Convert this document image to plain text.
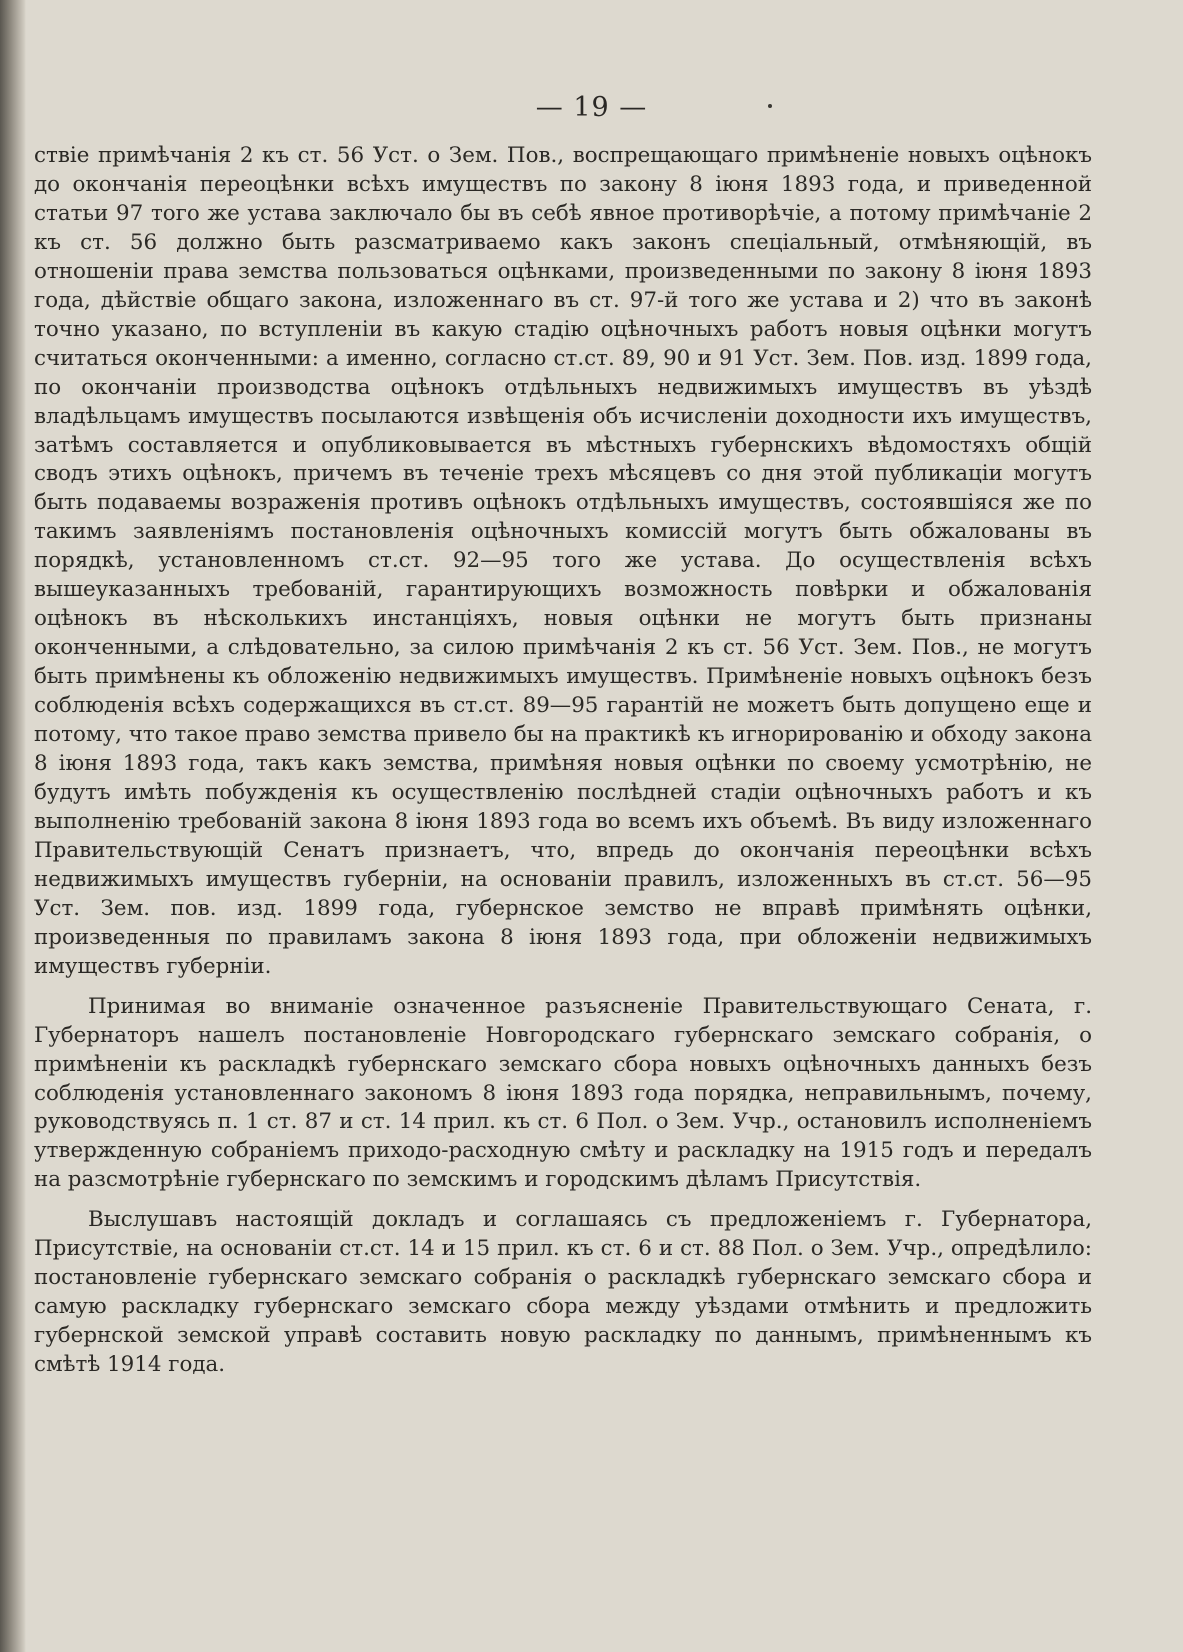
— 19 —

ствіе примѣчанія 2 къ ст. 56 Уст. о Зем. Пов., воспрещающаго примѣненіе новыхъ оцѣнокъ до окончанія переоцѣнки всѣхъ имуществъ по закону 8 іюня 1893 года, и приведенной статьи 97 того же устава заключало бы въ себѣ явное противорѣчіе, а потому примѣчаніе 2 къ ст. 56 должно быть разсматриваемо какъ законъ спеціальный, отмѣняющій, въ отношеніи права земства пользоваться оцѣнками, произведенными по закону 8 іюня 1893 года, дѣйствіе общаго закона, изложеннаго въ ст. 97-й того же устава и 2) что въ законѣ точно указано, по вступленіи въ какую стадію оцѣночныхъ работъ новыя оцѣнки могутъ считаться оконченными: а именно, согласно ст.ст. 89, 90 и 91 Уст. Зем. Пов. изд. 1899 года, по окончаніи производства оцѣнокъ отдѣльныхъ недвижимыхъ имуществъ въ уѣздѣ владѣльцамъ имуществъ посылаются извѣщенія объ исчисленіи доходности ихъ имуществъ, затѣмъ составляется и опубликовывается въ мѣстныхъ губернскихъ вѣдомостяхъ общій сводъ этихъ оцѣнокъ, причемъ въ теченіе трехъ мѣсяцевъ со дня этой публикаціи могутъ быть подаваемы возраженія противъ оцѣнокъ отдѣльныхъ имуществъ, состоявшіяся же по такимъ заявленіямъ постановленія оцѣночныхъ комиссій могутъ быть обжалованы въ порядкѣ, установленномъ ст.ст. 92—95 того же устава. До осуществленія всѣхъ вышеуказанныхъ требованій, гарантирующихъ возможность повѣрки и обжалованія оцѣнокъ въ нѣсколькихъ инстанціяхъ, новыя оцѣнки не могутъ быть признаны оконченными, а слѣдовательно, за силою примѣчанія 2 къ ст. 56 Уст. Зем. Пов., не могутъ быть примѣнены къ обложенію недвижимыхъ имуществъ. Примѣненіе новыхъ оцѣнокъ безъ соблюденія всѣхъ содержащихся въ ст.ст. 89—95 гарантій не можетъ быть допущено еще и потому, что такое право земства привело бы на практикѣ къ игнорированію и обходу закона 8 іюня 1893 года, такъ какъ земства, примѣняя новыя оцѣнки по своему усмотрѣнію, не будутъ имѣть побужденія къ осуществленію послѣдней стадіи оцѣночныхъ работъ и къ выполненію требованій закона 8 іюня 1893 года во всемъ ихъ объемѣ. Въ виду изложеннаго Правительствующій Сенатъ признаетъ, что, впредь до окончанія переоцѣнки всѣхъ недвижимыхъ имуществъ губерніи, на основаніи правилъ, изложенныхъ въ ст.ст. 56—95 Уст. Зем. пов. изд. 1899 года, губернское земство не вправѣ примѣнять оцѣнки, произведенныя по правиламъ закона 8 іюня 1893 года, при обложеніи недвижимыхъ имуществъ губерніи.

Принимая во вниманіе означенное разъясненіе Правительствующаго Сената, г. Губернаторъ нашелъ постановленіе Новгородскаго губернскаго земскаго собранія, о примѣненіи къ раскладкѣ губернскаго земскаго сбора новыхъ оцѣночныхъ данныхъ безъ соблюденія установленнаго закономъ 8 іюня 1893 года порядка, неправильнымъ, почему, руководствуясь п. 1 ст. 87 и ст. 14 прил. къ ст. 6 Пол. о Зем. Учр., остановилъ исполненіемъ утвержденную собраніемъ приходо-расходную смѣту и раскладку на 1915 годъ и передалъ на разсмотрѣніе губернскаго по земскимъ и городскимъ дѣламъ Присутствія.

Выслушавъ настоящій докладъ и соглашаясь съ предложеніемъ г. Губернатора, Присутствіе, на основаніи ст.ст. 14 и 15 прил. къ ст. 6 и ст. 88 Пол. о Зем. Учр., опредѣлило: постановленіе губернскаго земскаго собранія о раскладкѣ губернскаго земскаго сбора и самую раскладку губернскаго земскаго сбора между уѣздами отмѣнить и предложить губернской земской управѣ составить новую раскладку по даннымъ, примѣненнымъ къ смѣтѣ 1914 года.
